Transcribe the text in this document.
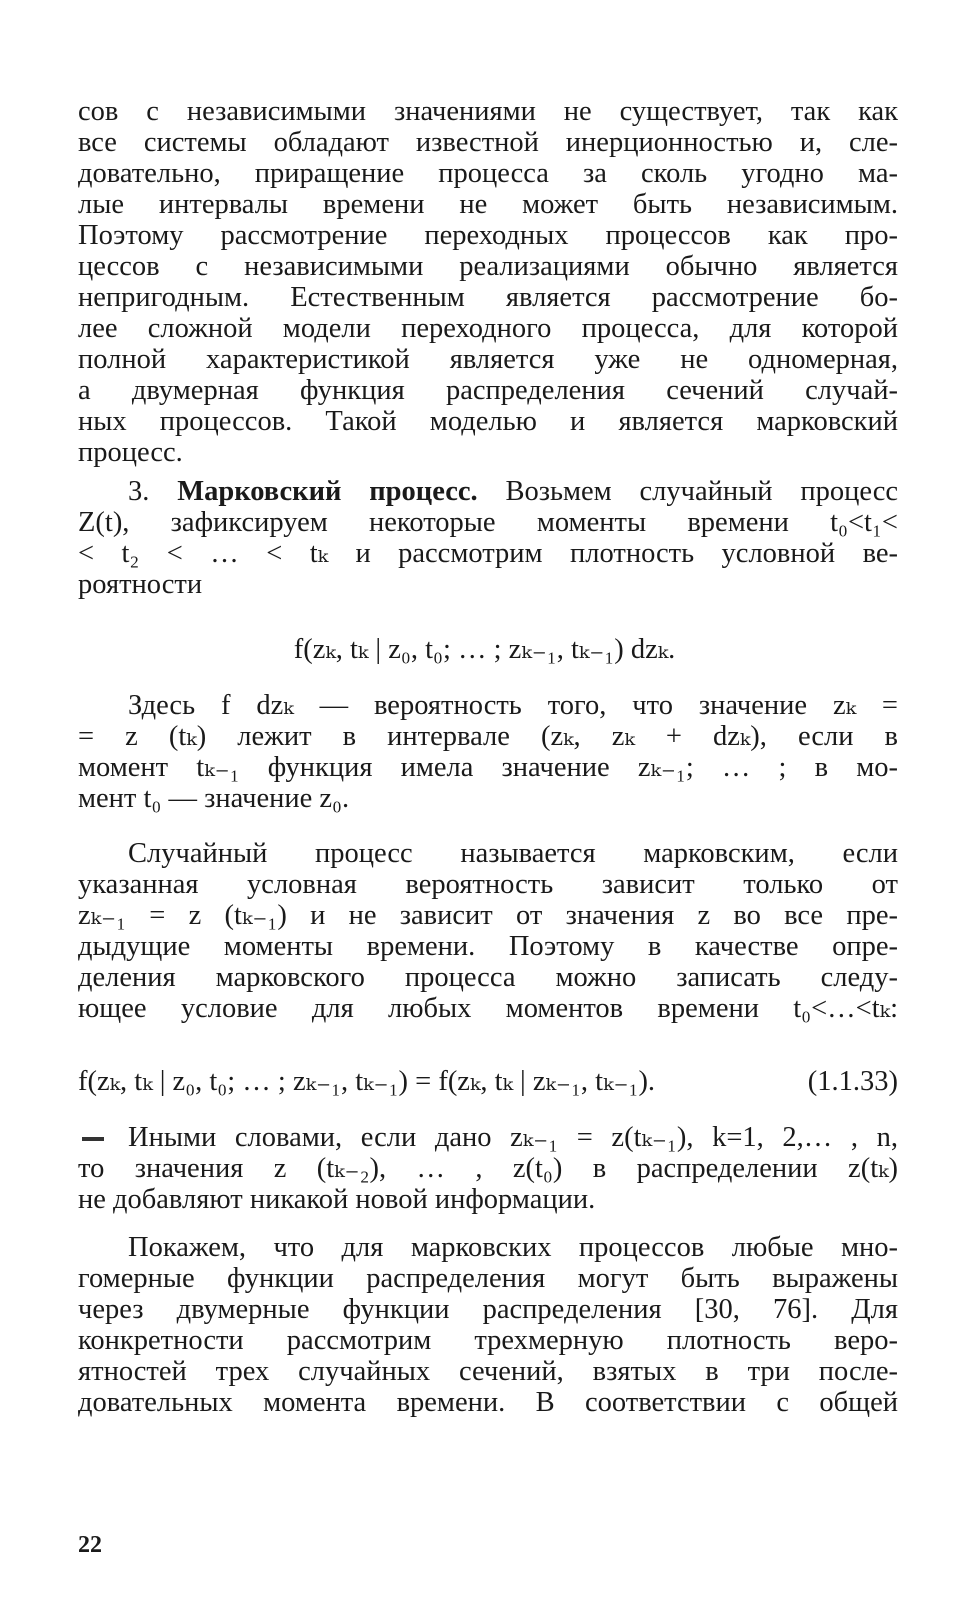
сов с независимыми значениями не существует, так как
все системы обладают известной инерционностью и, сле-
довательно, приращение процесса за сколь угодно ма-
лые интервалы времени не может быть независимым.
Поэтому рассмотрение переходных процессов как про-
цессов с независимыми реализациями обычно является
непригодным. Естественным является рассмотрение бо-
лее сложной модели переходного процесса, для которой
полной характеристикой является уже не одномерная,
а двумерная функция распределения сечений случай-
ных процессов. Такой моделью и является марковский
процесс.
3. Марковский процесс. Возьмем случайный процесс
Z(t), зафиксируем некоторые моменты времени t₀<t₁<
< t₂ < … < tₖ и рассмотрим плотность условной ве-
роятности
f(zₖ, tₖ | z₀, t₀; … ; zₖ₋₁, tₖ₋₁) dzₖ.
Здесь f dzₖ — вероятность того, что значение zₖ =
= z (tₖ) лежит в интервале (zₖ, zₖ + dzₖ), если в
момент tₖ₋₁ функция имела значение zₖ₋₁; … ; в мо-
мент t₀ — значение z₀.
Случайный процесс называется марковским, если
указанная условная вероятность зависит только от
zₖ₋₁ = z (tₖ₋₁) и не зависит от значения z во все пре-
дыдущие моменты времени. Поэтому в качестве опре-
деления марковского процесса можно записать следу-
ющее условие для любых моментов времени t₀<…<tₖ:
f(zₖ, tₖ | z₀, t₀; … ; zₖ₋₁, tₖ₋₁) = f(zₖ, tₖ | zₖ₋₁, tₖ₋₁).	(1.1.33)
Иными словами, если дано zₖ₋₁ = z(tₖ₋₁), k=1, 2,… , n,
то значения z (tₖ₋₂), … , z(t₀) в распределении z(tₖ)
не добавляют никакой новой информации.
Покажем, что для марковских процессов любые мно-
гомерные функции распределения могут быть выражены
через двумерные функции распределения [30, 76]. Для
конкретности рассмотрим трехмерную плотность веро-
ятностей трех случайных сечений, взятых в три после-
довательных момента времени. В соответствии с общей
22
